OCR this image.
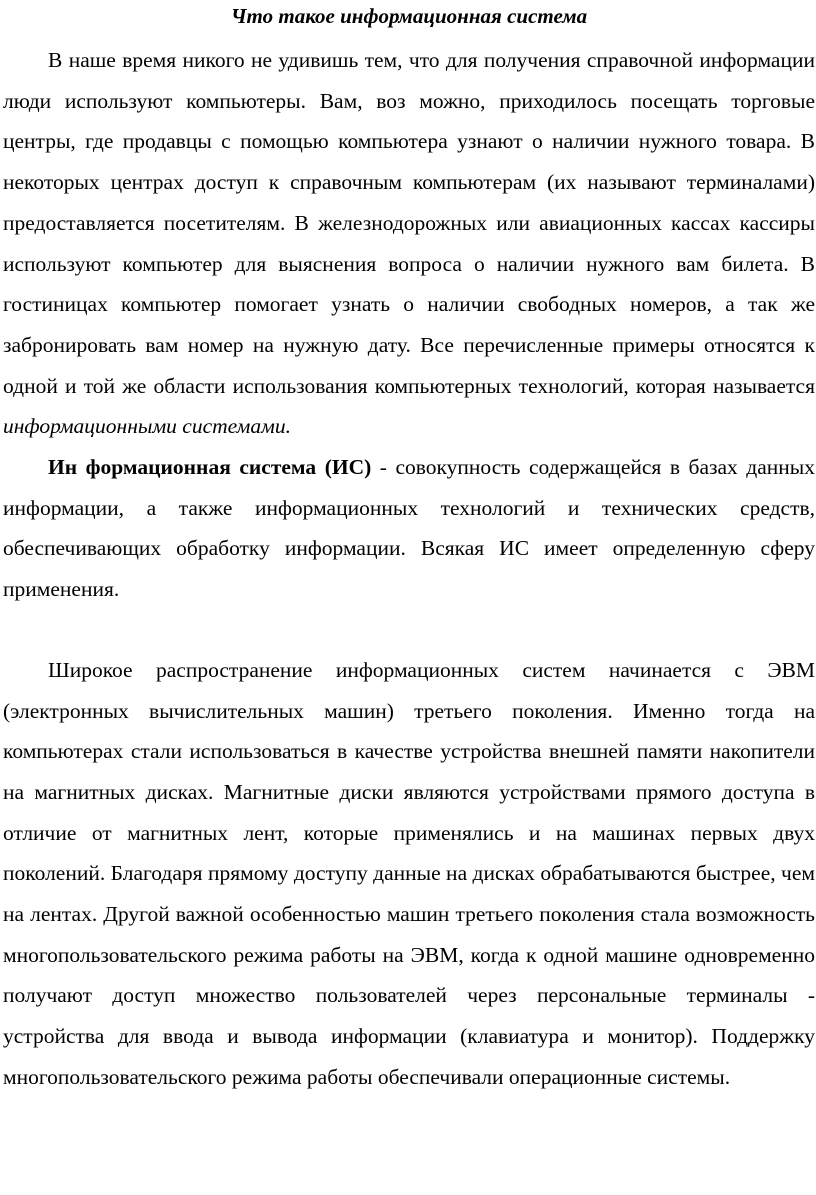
Что такое информационная система

В наше время никого не удивишь тем, что для получения справочной информации люди используют компьютеры. Вам, воз можно, приходилось посещать торговые центры, где продавцы с помощью компьютера узнают о наличии нужного товара. В некоторых центрах доступ к справочным компьютерам (их называют терминалами) предоставляется посетителям. В железнодорожных или авиационных кассах кассиры используют компьютер для выяснения вопроса о наличии нужного вам билета. В гостиницах компьютер помогает узнать о наличии свободных номеров, а так же забронировать вам номер на нужную дату. Все перечисленные примеры относятся к одной и той же области использования компьютерных технологий, которая называется информационными системами.

Ин формационная система (ИС) - совокупность содержащейся в базах данных информации, а также информационных технологий и технических средств, обеспечивающих обработку информации. Всякая ИС имеет определенную сферу применения.

Широкое распространение информационных систем начинается с ЭВМ (электронных вычислительных машин) третьего поколения. Именно тогда на компьютерах стали использоваться в качестве устройства внешней памяти накопители на магнитных дисках. Магнитные диски являются устройствами прямого доступа в отличие от магнитных лент, которые применялись и на машинах первых двух поколений. Благодаря прямому доступу данные на дисках обрабатываются быстрее, чем на лентах. Другой важной особенностью машин третьего поколения стала возможность многопользовательского режима работы на ЭВМ, когда к одной машине одновременно получают доступ множество пользователей через персональные терминалы - устройства для ввода и вывода информации (клавиатура и монитор). Поддержку многопользовательского режима работы обеспечивали операционные системы.
